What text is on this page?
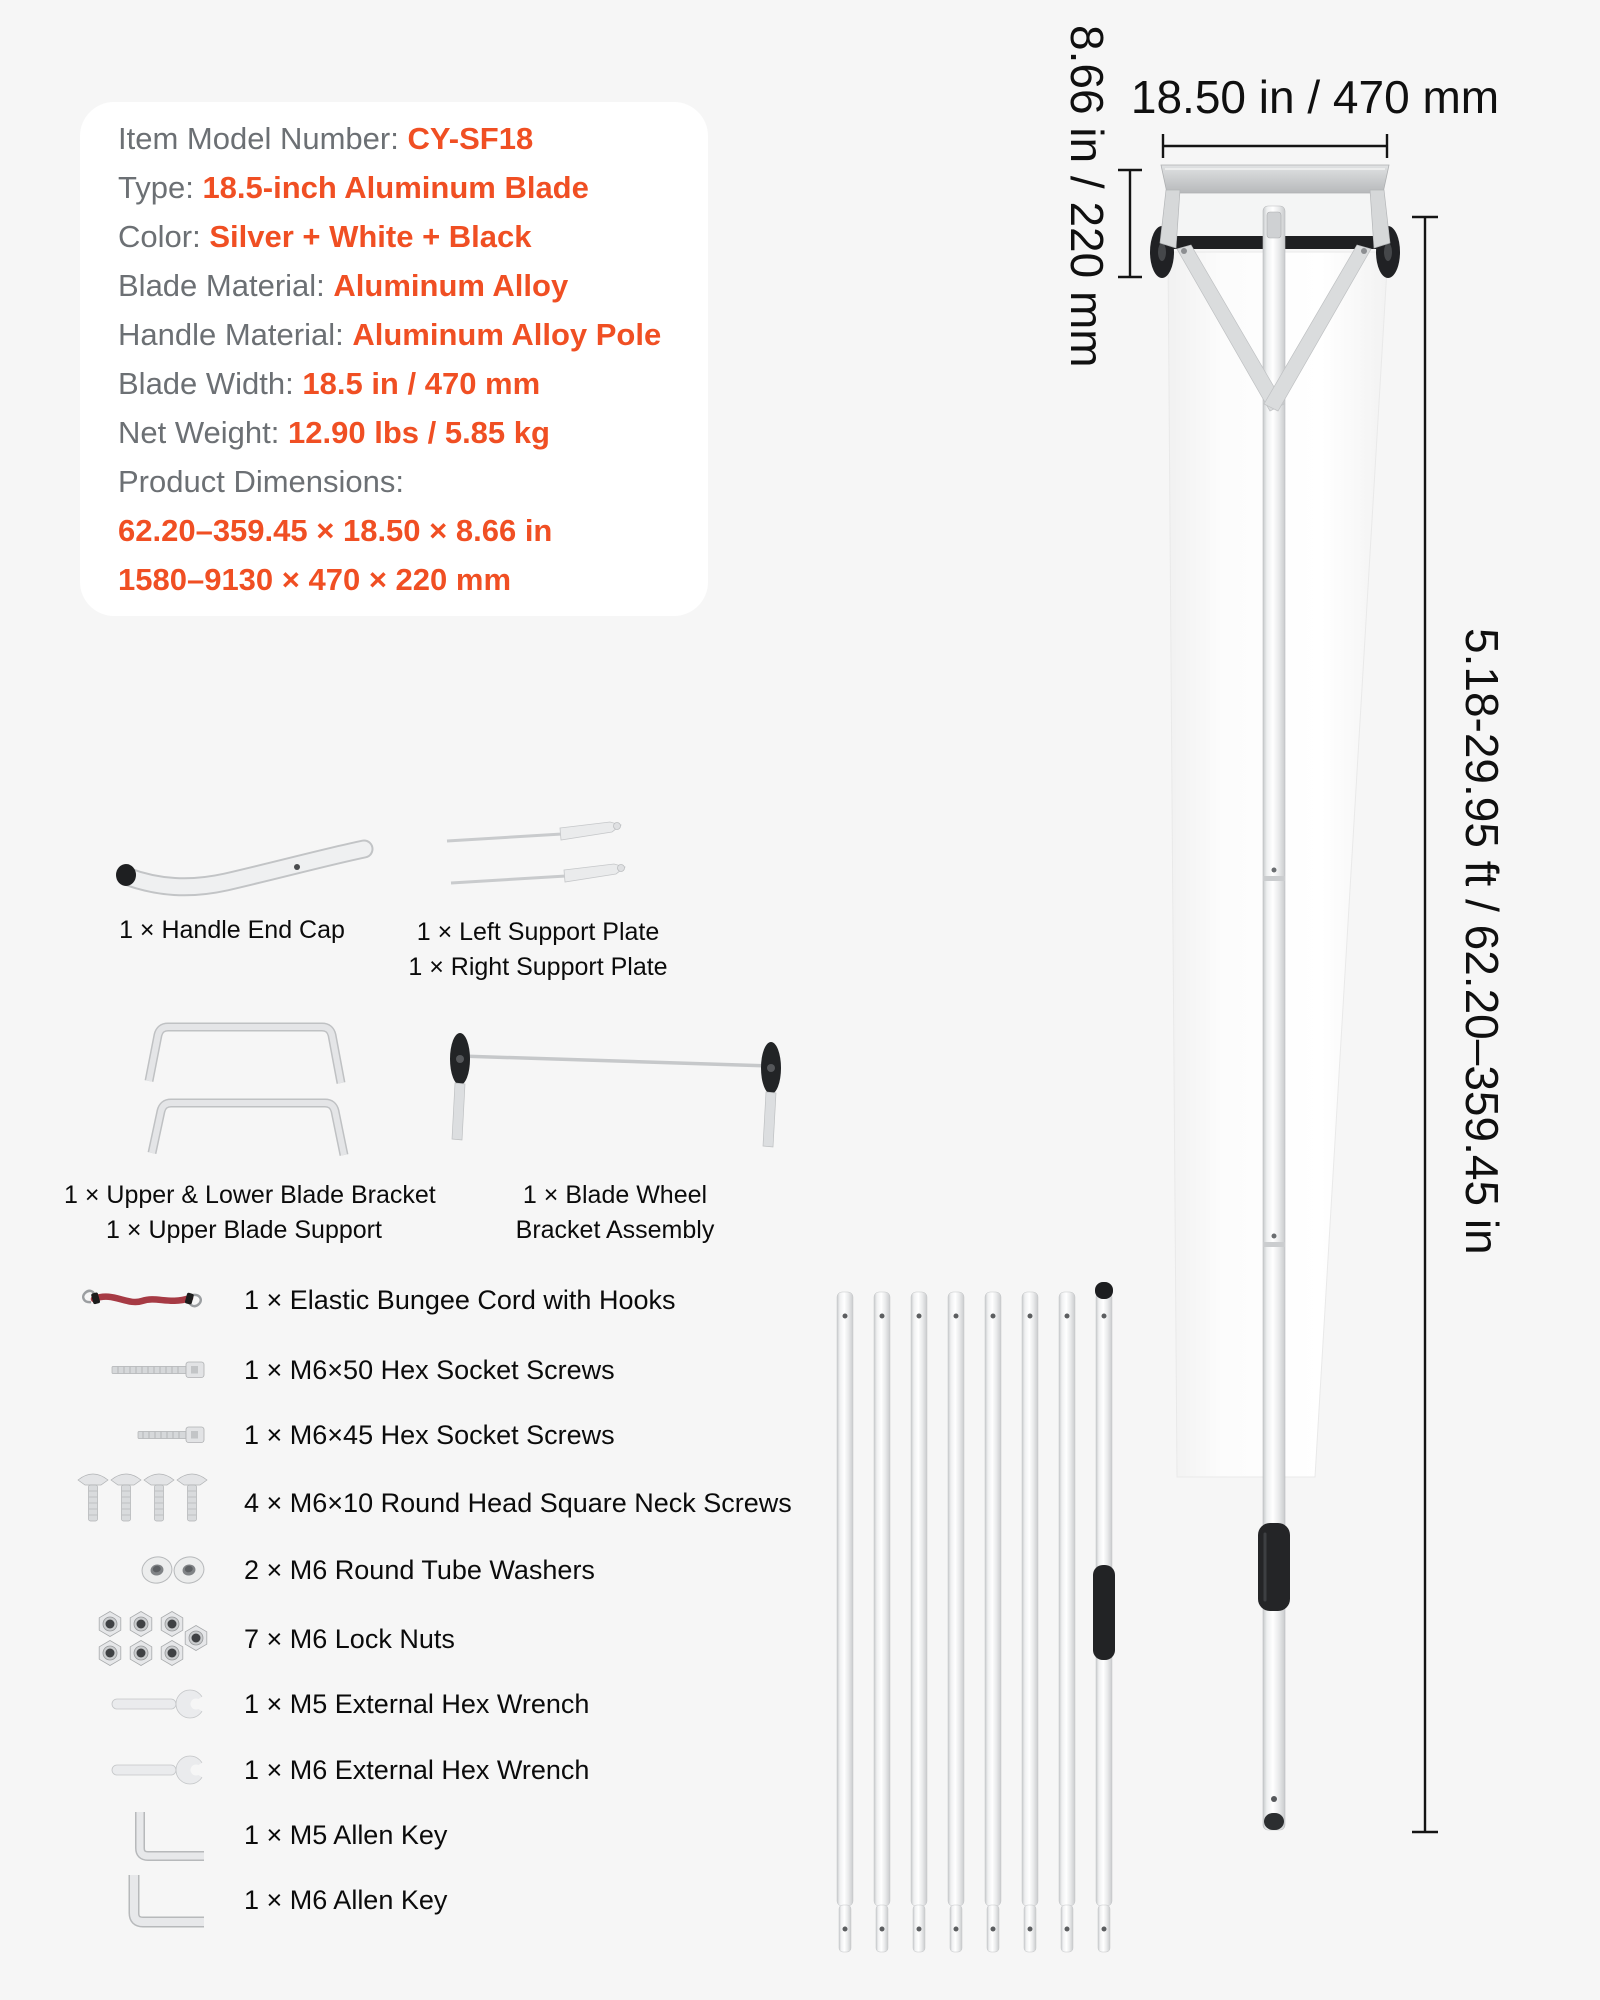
Item Model Number: CY-SF18
Type: 18.5-inch Aluminum Blade
Color: Silver + White + Black
Blade Material: Aluminum Alloy
Handle Material: Aluminum Alloy Pole
Blade Width: 18.5 in / 470 mm
Net Weight: 12.90 lbs / 5.85 kg
Product Dimensions:
62.20–359.45 × 18.50 × 8.66 in
1580–9130 × 470 × 220 mm
18.50 in / 470 mm
8.66 in / 220 mm
5.18-29.95 ft / 62.20–359.45 in
1 × Handle End Cap	1 × Left Support Plate
1 × Right Support Plate
1 × Upper & Lower Blade Bracket
1 × Upper Blade Support
1 × Blade Wheel
Bracket Assembly
1 × Elastic Bungee Cord with Hooks
1 × M6×50 Hex Socket Screws
1 × M6×45 Hex Socket Screws
4 × M6×10 Round Head Square Neck Screws
2 × M6 Round Tube Washers
7 × M6 Lock Nuts
1 × M5 External Hex Wrench
1 × M6 External Hex Wrench
1 × M5 Allen Key
1 × M6 Allen Key
